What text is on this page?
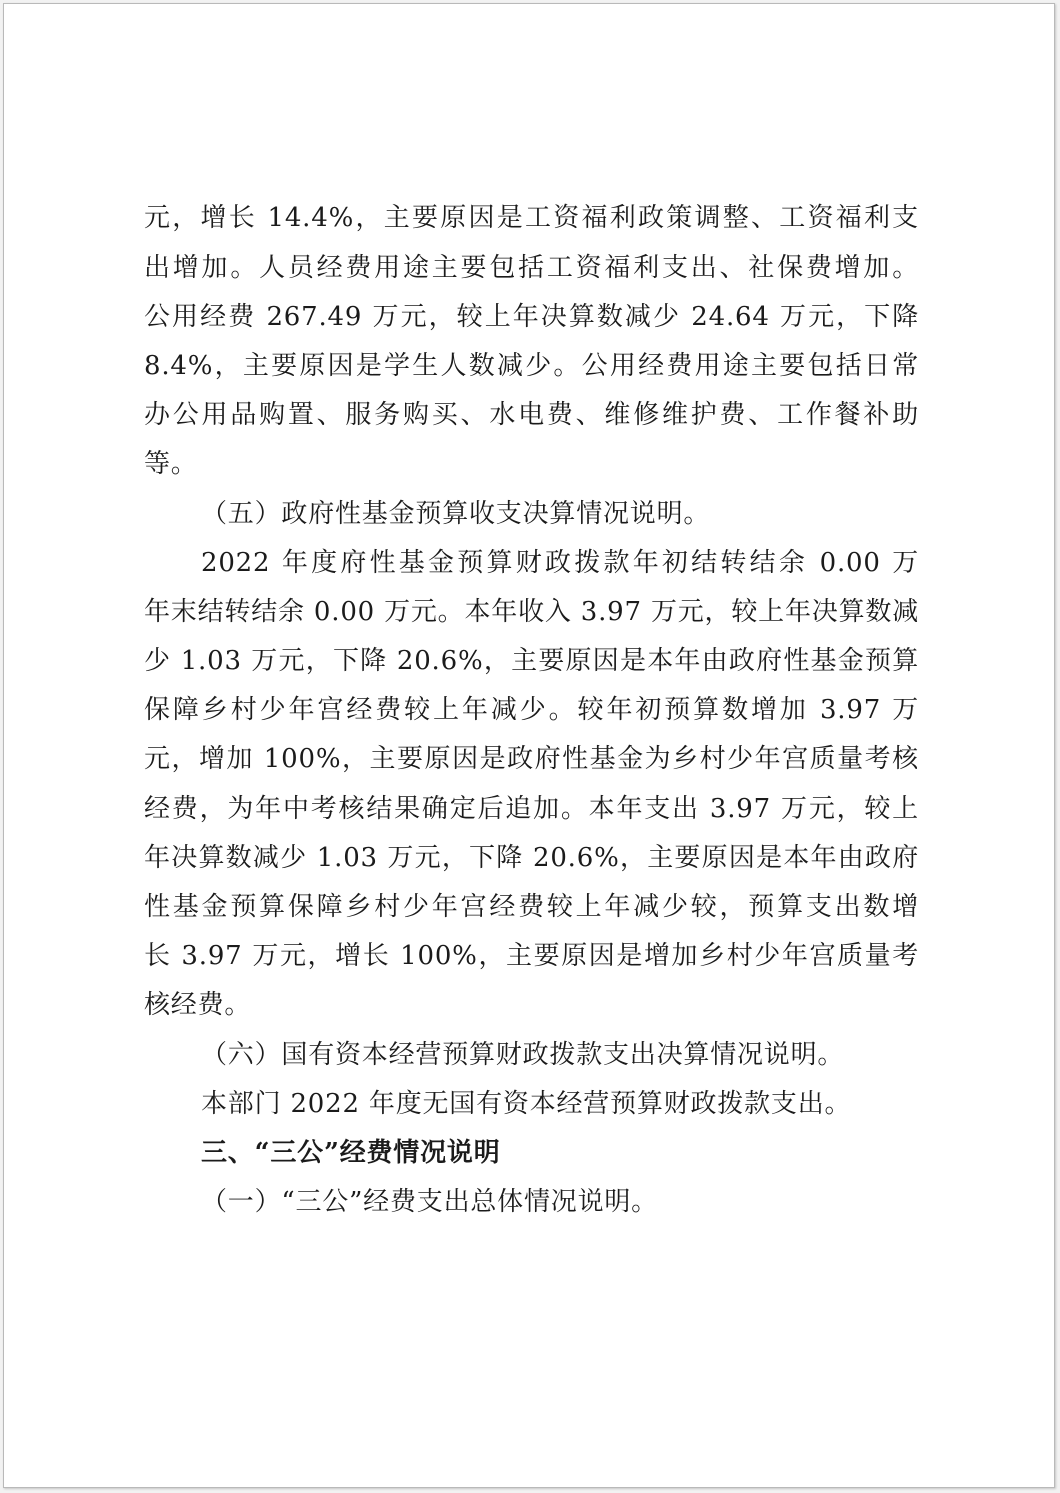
元，增长 14.4%，主要原因是工资福利政策调整、工资福利支
出增加。人员经费用途主要包括工资福利支出、社保费增加。
公用经费 267.49 万元，较上年决算数减少 24.64 万元，下降
8.4%，主要原因是学生人数减少。公用经费用途主要包括日常
办公用品购置、服务购买、水电费、维修维护费、工作餐补助
等。
（五）政府性基金预算收支决算情况说明。
2022 年度府性基金预算财政拨款年初结转结余 0.00 万
年末结转结余 0.00 万元。本年收入 3.97 万元，较上年决算数减
少 1.03 万元，下降 20.6%，主要原因是本年由政府性基金预算
保障乡村少年宫经费较上年减少。较年初预算数增加 3.97 万
元，增加 100%，主要原因是政府性基金为乡村少年宫质量考核
经费，为年中考核结果确定后追加。本年支出 3.97 万元，较上
年决算数减少 1.03 万元，下降 20.6%，主要原因是本年由政府
性基金预算保障乡村少年宫经费较上年减少较，预算支出数增
长 3.97 万元，增长 100%，主要原因是增加乡村少年宫质量考
核经费。
（六）国有资本经营预算财政拨款支出决算情况说明。
本部门 2022 年度无国有资本经营预算财政拨款支出。
三、“三公”经费情况说明
（一）“三公”经费支出总体情况说明。
